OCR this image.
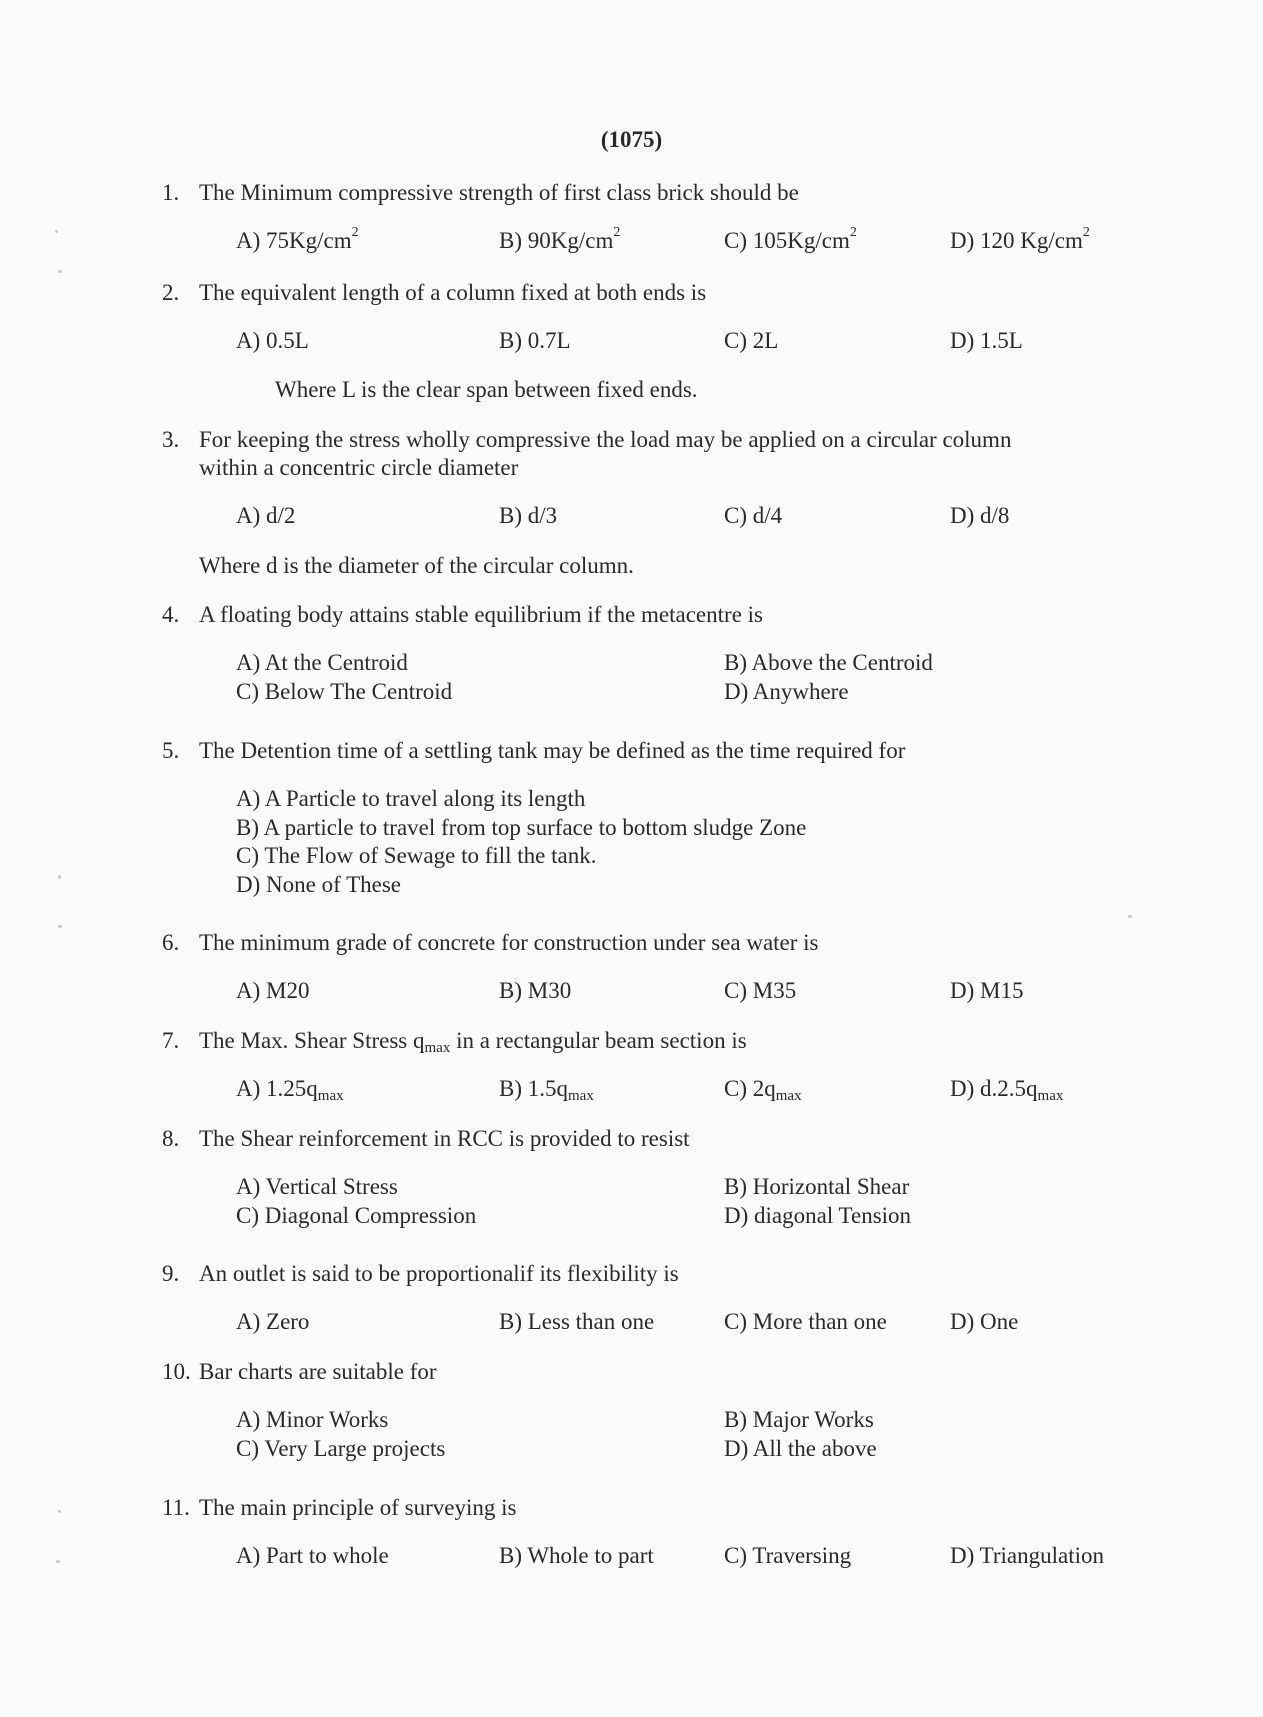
(1075)
1. The Minimum compressive strength of first class brick should be
A) $75Kg/cm^2$	B) $90Kg/cm^2$	C) $105Kg/cm^2$	D) 120 $Kg/cm^2$
2. The equivalent length of a column fixed at both ends is
A) 0.5L	B) 0.7L	C) 2L	D) 1.5L
Where L is the clear span between fixed ends.
3. For keeping the stress wholly compressive the load may be applied on a circular column
within a concentric circle diameter
A) d/2	B) d/3	C) d/4	D) d/8
Where d is the diameter of the circular column.
4. A floating body attains stable equilibrium if the metacentre is
A) At the Centroid	B) Above the Centroid
C) Below The Centroid	D) Anywhere
5. The Detention time of a settling tank may be defined as the time required for
A) A Particle to travel along its length
B) A particle to travel from top surface to bottom sludge Zone
C) The Flow of Sewage to fill the tank.
D) None of These
6. The minimum grade of concrete for construction under sea water is
A) M20	B) M30	C) M35	D) M15
7. The Max. Shear Stress $q_{max}$ in a rectangular beam section is
A) $1.25q_{max}$	B) $1.5q_{max}$	C) $2q_{max}$	D) $d.2.5q_{max}$
8. The Shear reinforcement in RCC is provided to resist
A) Vertical Stress	B) Horizontal Shear
C) Diagonal Compression	D) diagonal Tension
9. An outlet is said to be proportionalif its flexibility is
A) Zero	B) Less than one	C) More than one	D) One
10. Bar charts are suitable for
A) Minor Works	B) Major Works
C) Very Large projects	D) All the above
11. The main principle of surveying is
A) Part to whole	B) Whole to part	C) Traversing	D) Triangulation
